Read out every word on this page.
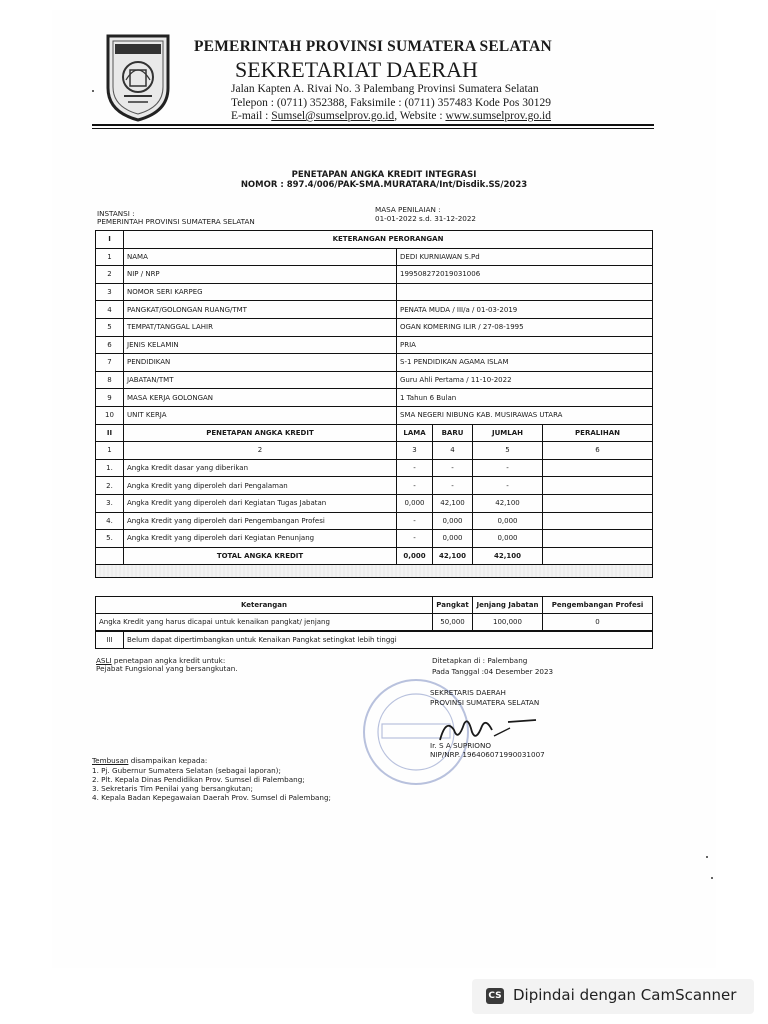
PEMERINTAH PROVINSI SUMATERA SELATAN
SEKRETARIAT DAERAH
Jalan Kapten A. Rivai No. 3 Palembang Provinsi Sumatera Selatan
Telepon : (0711) 352388, Faksimile : (0711) 357483 Kode Pos 30129
E-mail : Sumsel@sumselprov.go.id, Website : www.sumselprov.go.id
PENETAPAN ANGKA KREDIT INTEGRASI
NOMOR : 897.4/006/PAK-SMA.MURATARA/Int/Disdik.SS/2023
INSTANSI :
PEMERINTAH PROVINSI SUMATERA SELATAN
MASA PENILAIAN :
01-01-2022 s.d. 31-12-2022
I	KETERANGAN PERORANGAN				
1	NAMA	DEDI KURNIAWAN S.Pd			
2	NIP / NRP	199508272019031006			
3	NOMOR SERI KARPEG				
4	PANGKAT/GOLONGAN RUANG/TMT	PENATA MUDA / III/a / 01-03-2019			
5	TEMPAT/TANGGAL LAHIR	OGAN KOMERING ILIR / 27-08-1995			
6	JENIS KELAMIN	PRIA			
7	PENDIDIKAN	S-1 PENDIDIKAN AGAMA ISLAM			
8	JABATAN/TMT	Guru Ahli Pertama / 11-10-2022			
9	MASA KERJA GOLONGAN	1 Tahun 6 Bulan			
10	UNIT KERJA	SMA NEGERI NIBUNG KAB. MUSIRAWAS UTARA			
II	PENETAPAN ANGKA KREDIT	LAMA	BARU	JUMLAH	PERALIHAN
1	2	3	4	5	6
1.	Angka Kredit dasar yang diberikan	-	-	-	
2.	Angka Kredit yang diperoleh dari Pengalaman	-	-	-	
3.	Angka Kredit yang diperoleh dari Kegiatan Tugas Jabatan	0,000	42,100	42,100	
4.	Angka Kredit yang diperoleh dari Pengembangan Profesi	-	0,000	0,000	
5.	Angka Kredit yang diperoleh dari Kegiatan Penunjang	-	0,000	0,000	
	TOTAL ANGKA KREDIT	0,000	42,100	42,100	

Keterangan	Pangkat	Jenjang Jabatan	Pengembangan Profesi
Angka Kredit yang harus dicapai untuk kenaikan pangkat/ jenjang	50,000	100,000	0
III	Belum dapat dipertimbangkan untuk Kenaikan Pangkat setingkat lebih tinggi
ASLI penetapan angka kredit untuk:
Pejabat Fungsional yang bersangkutan.
Ditetapkan di : Palembang
Pada Tanggal :04 Desember 2023
SEKRETARIS DAERAH
PROVINSI SUMATERA SELATAN
Ir. S A SUPRIONO
NIP/NRP. 196406071990031007
Tembusan disampaikan kepada:
1. Pj. Gubernur Sumatera Selatan (sebagai laporan);
2. Plt. Kepala Dinas Pendidikan Prov. Sumsel di Palembang;
3. Sekretaris Tim Penilai yang bersangkutan;
4. Kepala Badan Kepegawaian Daerah Prov. Sumsel di Palembang;
CS Dipindai dengan CamScanner
